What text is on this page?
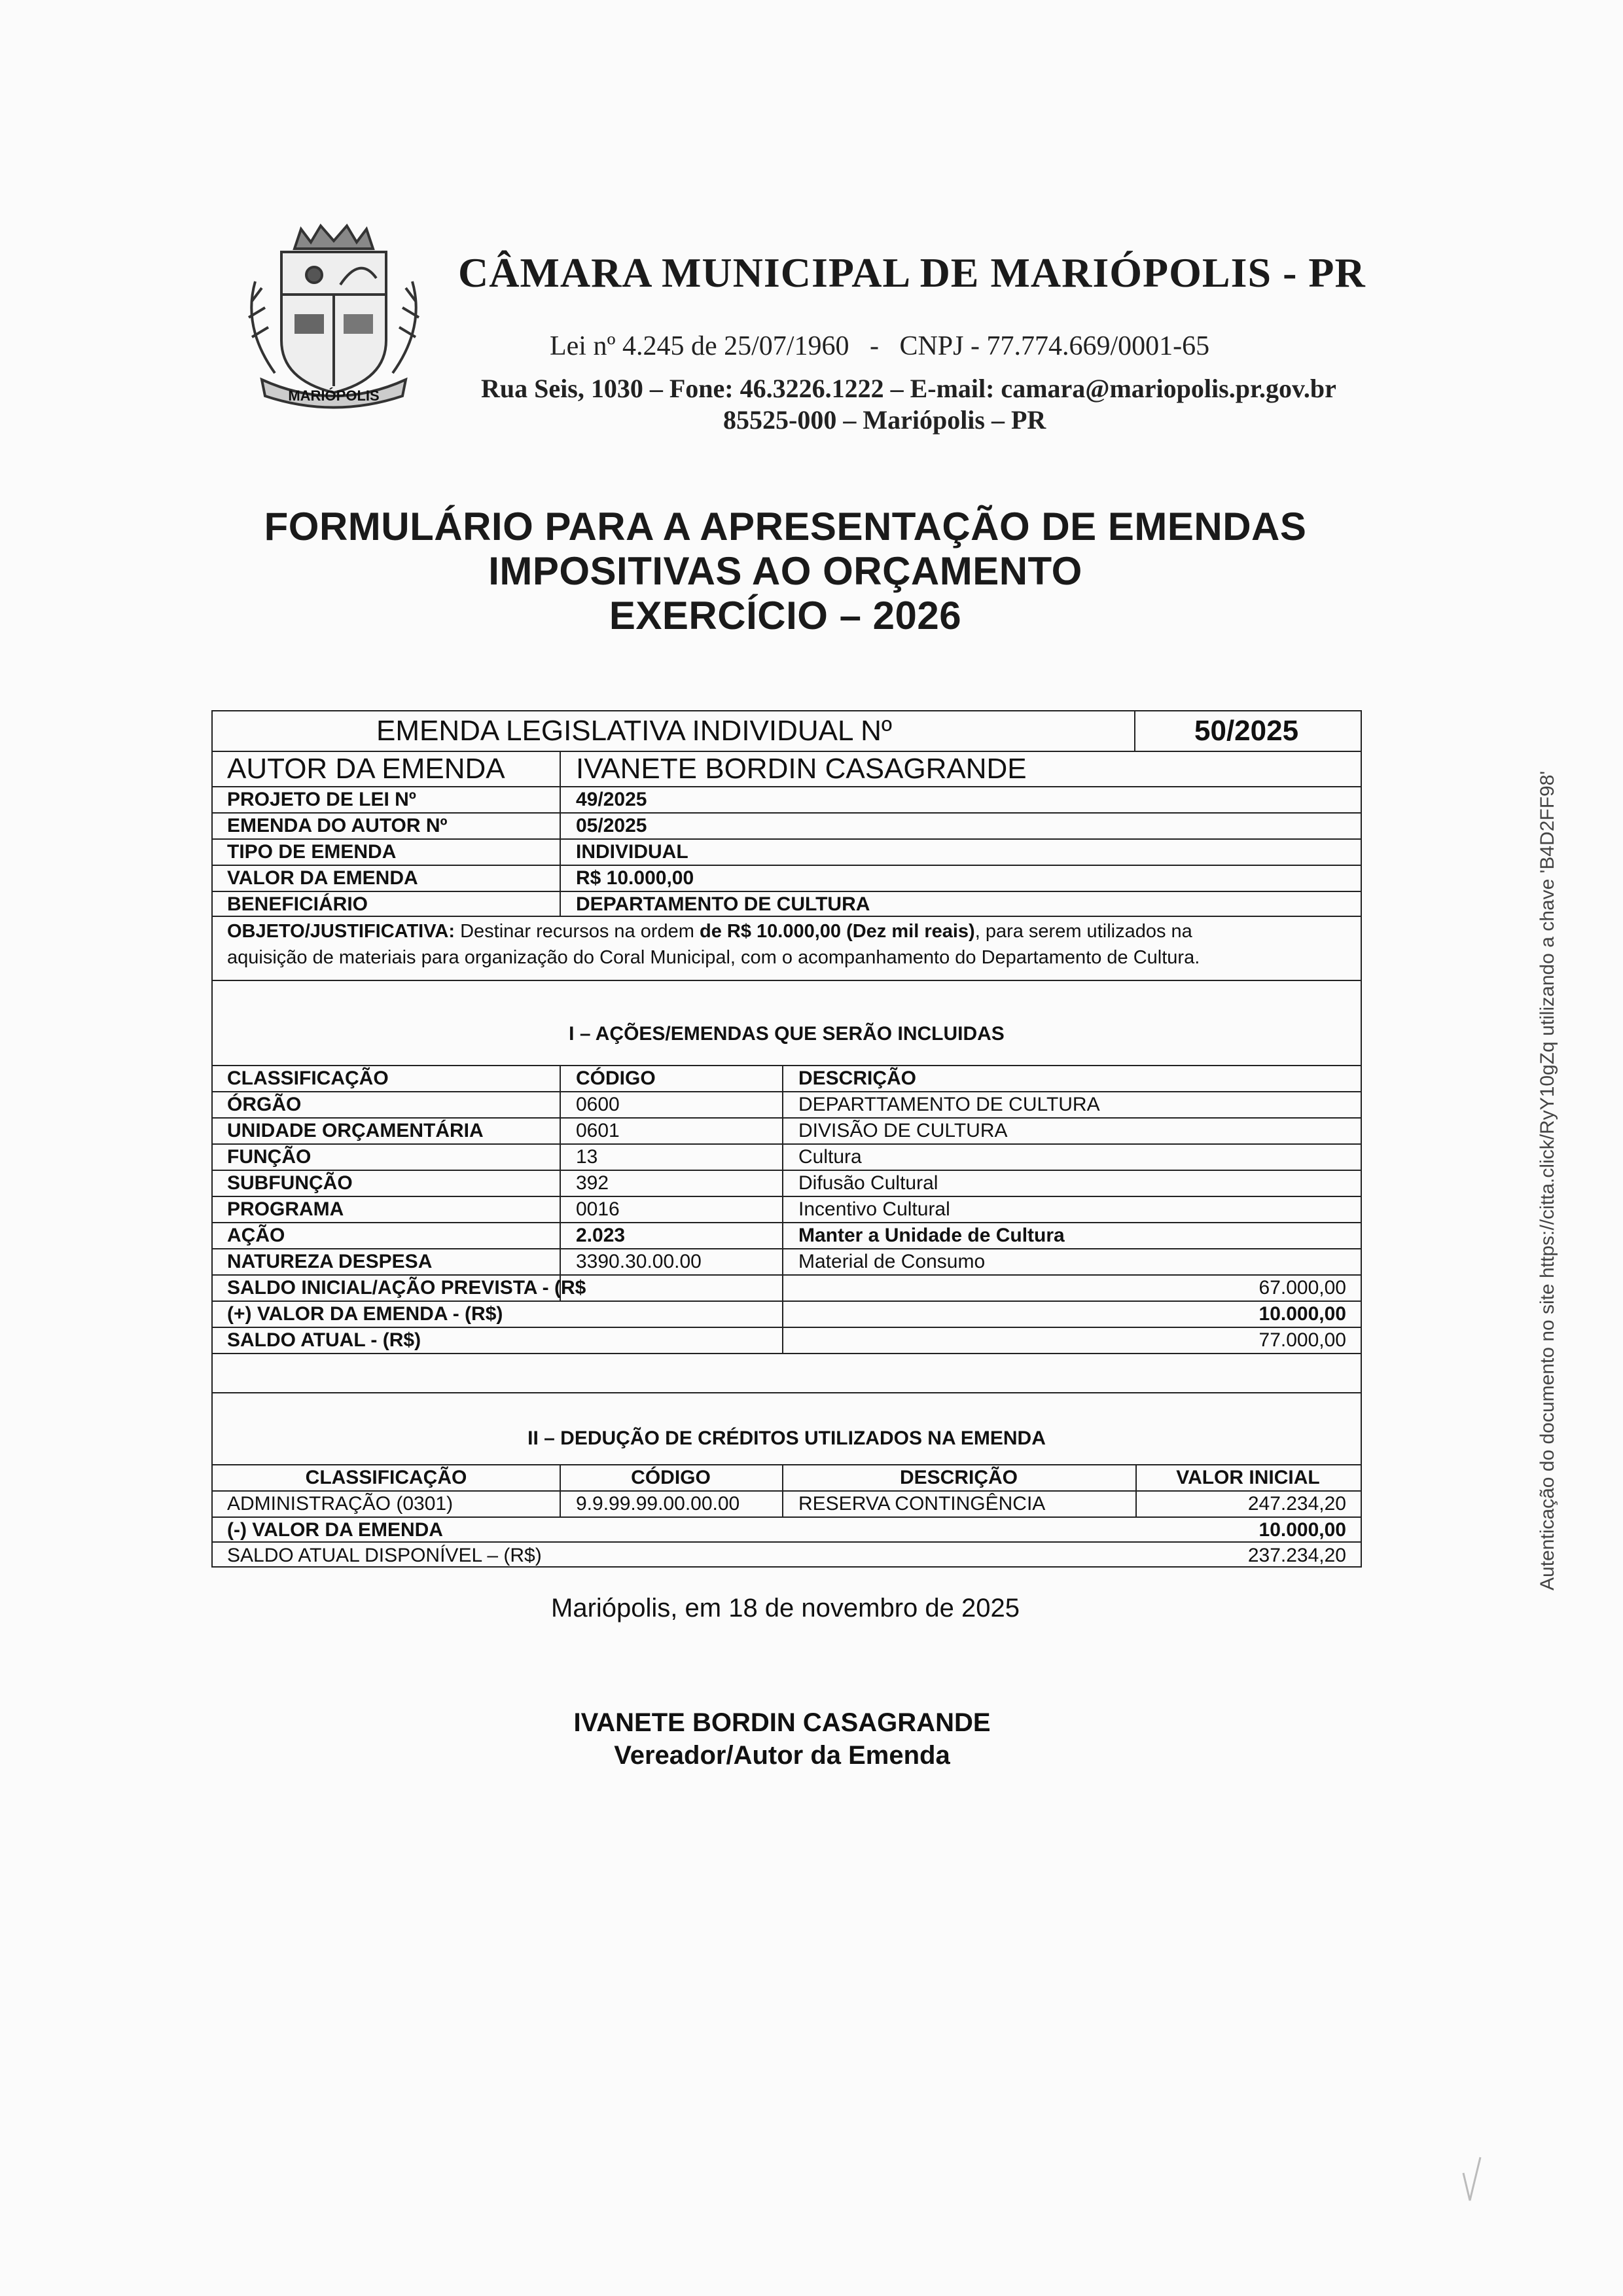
MARIÓPOLIS
CÂMARA MUNICIPAL DE MARIÓPOLIS - PR
Lei nº 4.245 de 25/07/1960   -   CNPJ - 77.774.669/0001-65
Rua Seis, 1030 – Fone: 46.3226.1222 – E-mail: camara@mariopolis.pr.gov.br
85525-000 – Mariópolis – PR
FORMULÁRIO PARA A APRESENTAÇÃO DE EMENDAS
IMPOSITIVAS AO ORÇAMENTO
EXERCÍCIO – 2026
EMENDA LEGISLATIVA INDIVIDUAL Nº	50/2025
AUTOR DA EMENDA IVANETE BORDIN CASAGRANDE
PROJETO DE LEI Nº	49/2025
EMENDA DO AUTOR Nº	05/2025
TIPO DE EMENDA	INDIVIDUAL
VALOR DA EMENDA	R$ 10.000,00
BENEFICIÁRIO	DEPARTAMENTO DE CULTURA
OBJETO/JUSTIFICATIVA: Destinar recursos na ordem de R$ 10.000,00 (Dez mil reais), para serem utilizados na
aquisição de materiais para organização do Coral Municipal, com o acompanhamento do Departamento de Cultura.
I – AÇÕES/EMENDAS QUE SERÃO INCLUIDAS
CLASSIFICAÇÃO	CÓDIGO	DESCRIÇÃO
ÓRGÃO	0600	DEPARTTAMENTO DE CULTURA
UNIDADE ORÇAMENTÁRIA	0601	DIVISÃO DE CULTURA
FUNÇÃO	13	Cultura
SUBFUNÇÃO	392	Difusão Cultural
PROGRAMA	0016	Incentivo Cultural
AÇÃO	2.023	Manter a Unidade de Cultura
NATUREZA DESPESA	3390.30.00.00	Material de Consumo
SALDO INICIAL/AÇÃO PREVISTA - (R$	67.000,00
(+) VALOR DA EMENDA - (R$)	10.000,00
SALDO ATUAL - (R$)	77.000,00
II – DEDUÇÃO DE CRÉDITOS UTILIZADOS NA EMENDA
CLASSIFICAÇÃO	CÓDIGO	DESCRIÇÃO	VALOR INICIAL
ADMINISTRAÇÃO (0301)	9.9.99.99.00.00.00	RESERVA CONTINGÊNCIA	247.234,20
(-) VALOR DA EMENDA	10.000,00
SALDO ATUAL DISPONÍVEL – (R$)	237.234,20
Mariópolis, em 18 de novembro de 2025
IVANETE BORDIN CASAGRANDE
Vereador/Autor da Emenda
Autenticação do documento no site https://citta.click/RyY10gZq utilizando a chave 'B4D2FF98'
